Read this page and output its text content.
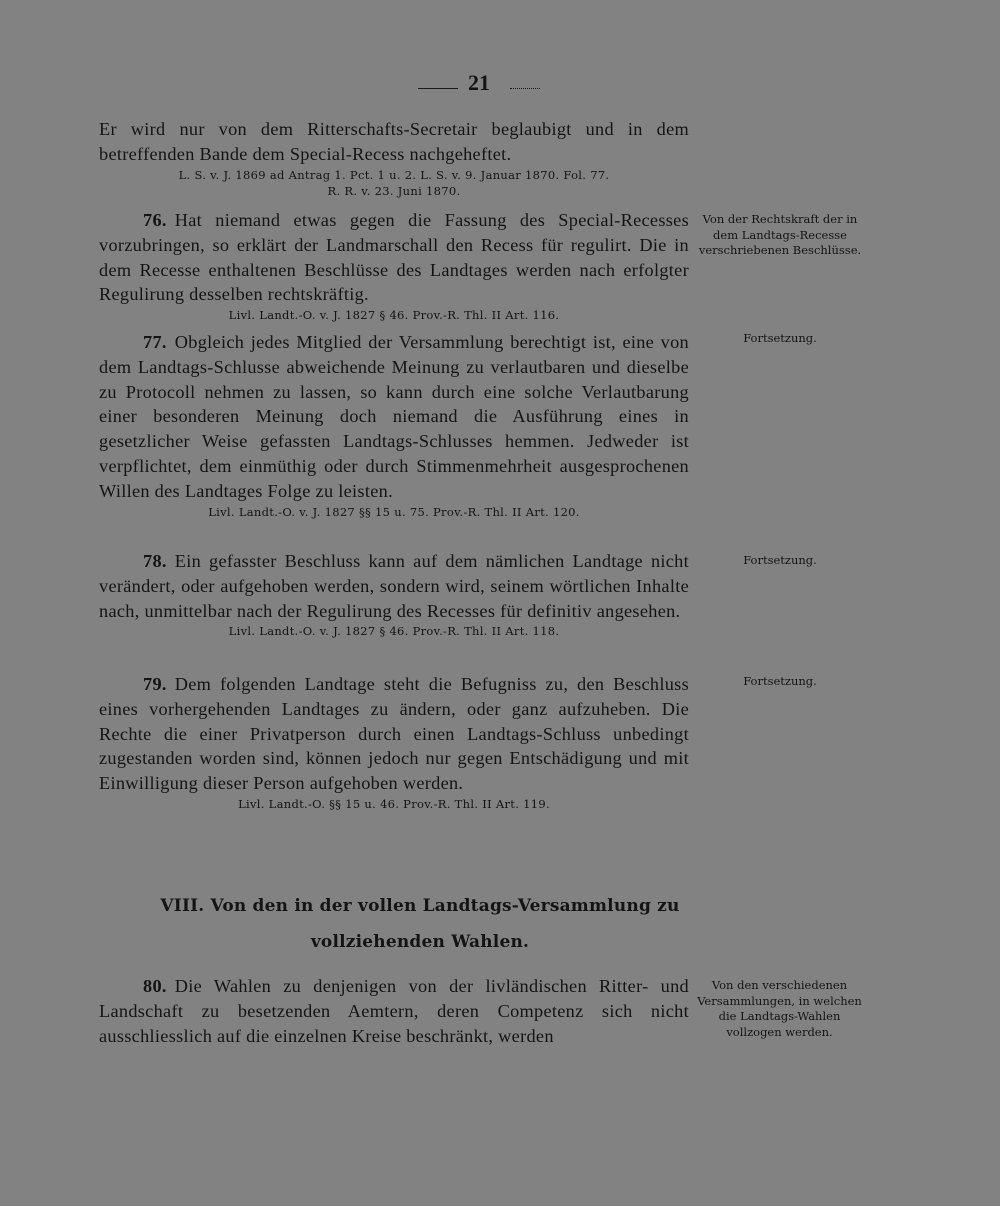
21

Er wird nur von dem Ritterschafts-Secretair beglaubigt und in dem betreffenden Bande dem Special-Recess nachgeheftet.

L. S. v. J. 1869 ad Antrag 1. Pct. 1 u. 2. L. S. v. 9. Januar 1870. Fol. 77.

R. R. v. 23. Juni 1870.

76. Hat niemand etwas gegen die Fassung des Special-Recesses vorzubringen, so erklärt der Landmarschall den Recess für regulirt. Die in dem Recesse enthaltenen Beschlüsse des Landtages werden nach erfolgter Regulirung desselben rechtskräftig.

Livl. Landt.-O. v. J. 1827 § 46. Prov.-R. Thl. II Art. 116.

Von der Rechtskraft der in dem Landtags-Recesse verschriebenen Beschlüsse.

77. Obgleich jedes Mitglied der Versammlung berechtigt ist, eine von dem Landtags-Schlusse abweichende Meinung zu verlautbaren und dieselbe zu Protocoll nehmen zu lassen, so kann durch eine solche Verlautbarung einer besonderen Meinung doch niemand die Ausführung eines in gesetzlicher Weise gefassten Landtags-Schlusses hemmen. Jedweder ist verpflichtet, dem einmüthig oder durch Stimmenmehrheit ausgesprochenen Willen des Landtages Folge zu leisten.

Livl. Landt.-O. v. J. 1827 §§ 15 u. 75. Prov.-R. Thl. II Art. 120.

Fortsetzung.

78. Ein gefasster Beschluss kann auf dem nämlichen Landtage nicht verändert, oder aufgehoben werden, sondern wird, seinem wörtlichen Inhalte nach, unmittelbar nach der Regulirung des Recesses für definitiv angesehen.

Livl. Landt.-O. v. J. 1827 § 46. Prov.-R. Thl. II Art. 118.

Fortsetzung.

79. Dem folgenden Landtage steht die Befugniss zu, den Beschluss eines vorhergehenden Landtages zu ändern, oder ganz aufzuheben. Die Rechte die einer Privatperson durch einen Landtags-Schluss unbedingt zugestanden worden sind, können jedoch nur gegen Entschädigung und mit Einwilligung dieser Person aufgehoben werden.

Livl. Landt.-O. §§ 15 u. 46. Prov.-R. Thl. II Art. 119.

Fortsetzung.
VIII. Von den in der vollen Landtags-Versammlung zu
vollziehenden Wahlen.

80. Die Wahlen zu denjenigen von der livländischen Ritter- und Landschaft zu besetzenden Aemtern, deren Competenz sich nicht ausschliesslich auf die einzelnen Kreise beschränkt, werden

Von den verschiedenen Versammlungen, in welchen die Landtags-Wahlen vollzogen werden.
